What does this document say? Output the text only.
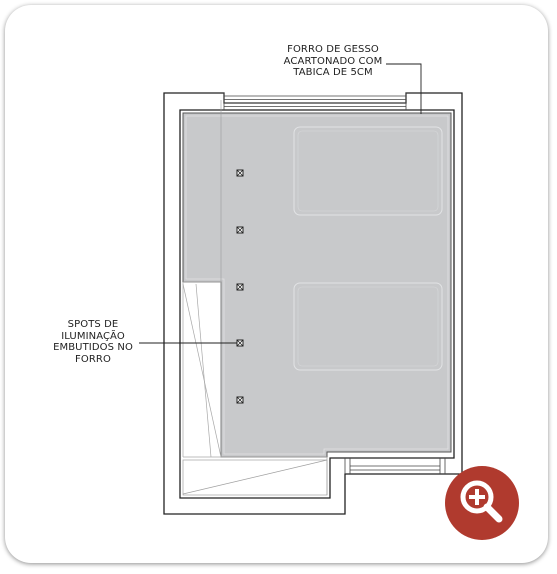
FORRO DE GESSO
ACARTONADO COM
TABICA DE 5CM
SPOTS DE
ILUMINAÇÃO
EMBUTIDOS NO
FORRO
